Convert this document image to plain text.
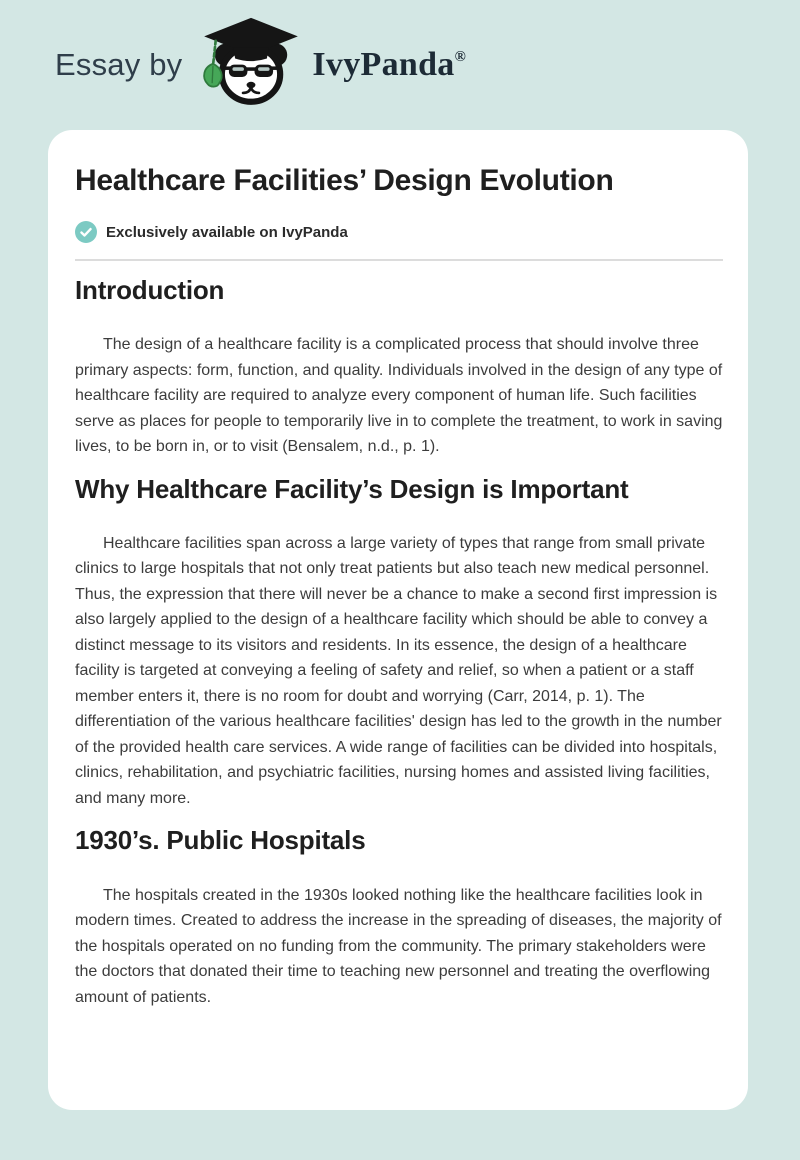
Essay by	IvyPanda®
Healthcare Facilities’ Design Evolution
Exclusively available on IvyPanda
Introduction

The design of a healthcare facility is a complicated process that should involve three primary aspects: form, function, and quality. Individuals involved in the design of any type of healthcare facility are required to analyze every component of human life. Such facilities serve as places for people to temporarily live in to complete the treatment, to work in saving lives, to be born in, or to visit (Bensalem, n.d., p. 1).

Why Healthcare Facility’s Design is Important

Healthcare facilities span across a large variety of types that range from small private clinics to large hospitals that not only treat patients but also teach new medical personnel. Thus, the expression that there will never be a chance to make a second first impression is also largely applied to the design of a healthcare facility which should be able to convey a distinct message to its visitors and residents. In its essence, the design of a healthcare facility is targeted at conveying a feeling of safety and relief, so when a patient or a staff member enters it, there is no room for doubt and worrying (Carr, 2014, p. 1). The differentiation of the various healthcare facilities' design has led to the growth in the number of the provided health care services. A wide range of facilities can be divided into hospitals, clinics, rehabilitation, and psychiatric facilities, nursing homes and assisted living facilities, and many more.

1930’s. Public Hospitals

The hospitals created in the 1930s looked nothing like the healthcare facilities look in modern times. Created to address the increase in the spreading of diseases, the majority of the hospitals operated on no funding from the community. The primary stakeholders were the doctors that donated their time to teaching new personnel and treating the overflowing amount of patients.
